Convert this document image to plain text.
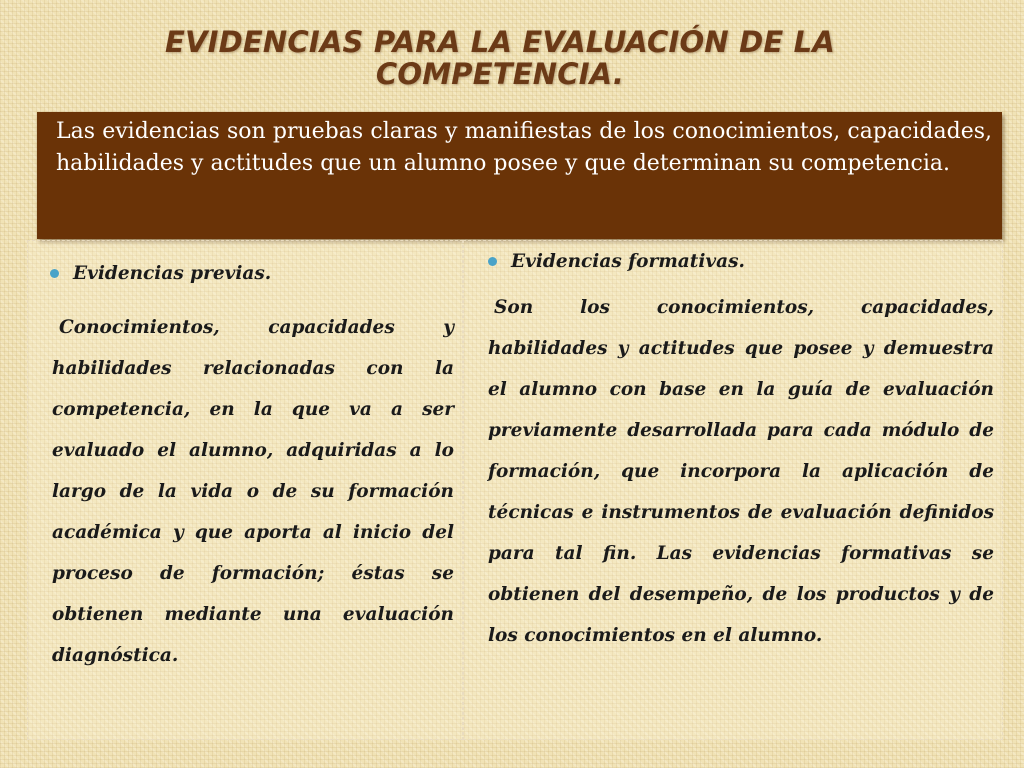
EVIDENCIAS PARA LA EVALUACIÓN DE LA
COMPETENCIA.

Las evidencias son pruebas claras y manifiestas de los conocimientos, capacidades, habilidades y actitudes que un alumno posee y que determinan su competencia.

Evidencias previas.

Conocimientos, capacidades y habilidades relacionadas con la competencia, en la que va a ser evaluado el alumno, adquiridas a lo largo de la vida o de su formación académica y que aporta al inicio del proceso de formación; éstas se obtienen mediante una evaluación diagnóstica.

Evidencias formativas.

Son los conocimientos, capacidades, habilidades y actitudes que posee y demuestra el alumno con base en la guía de evaluación previamente desarrollada para cada módulo de formación, que incorpora la aplicación de técnicas e instrumentos de evaluación definidos para tal fin. Las evidencias formativas se obtienen del desempeño, de los productos y de los conocimientos en el alumno.
